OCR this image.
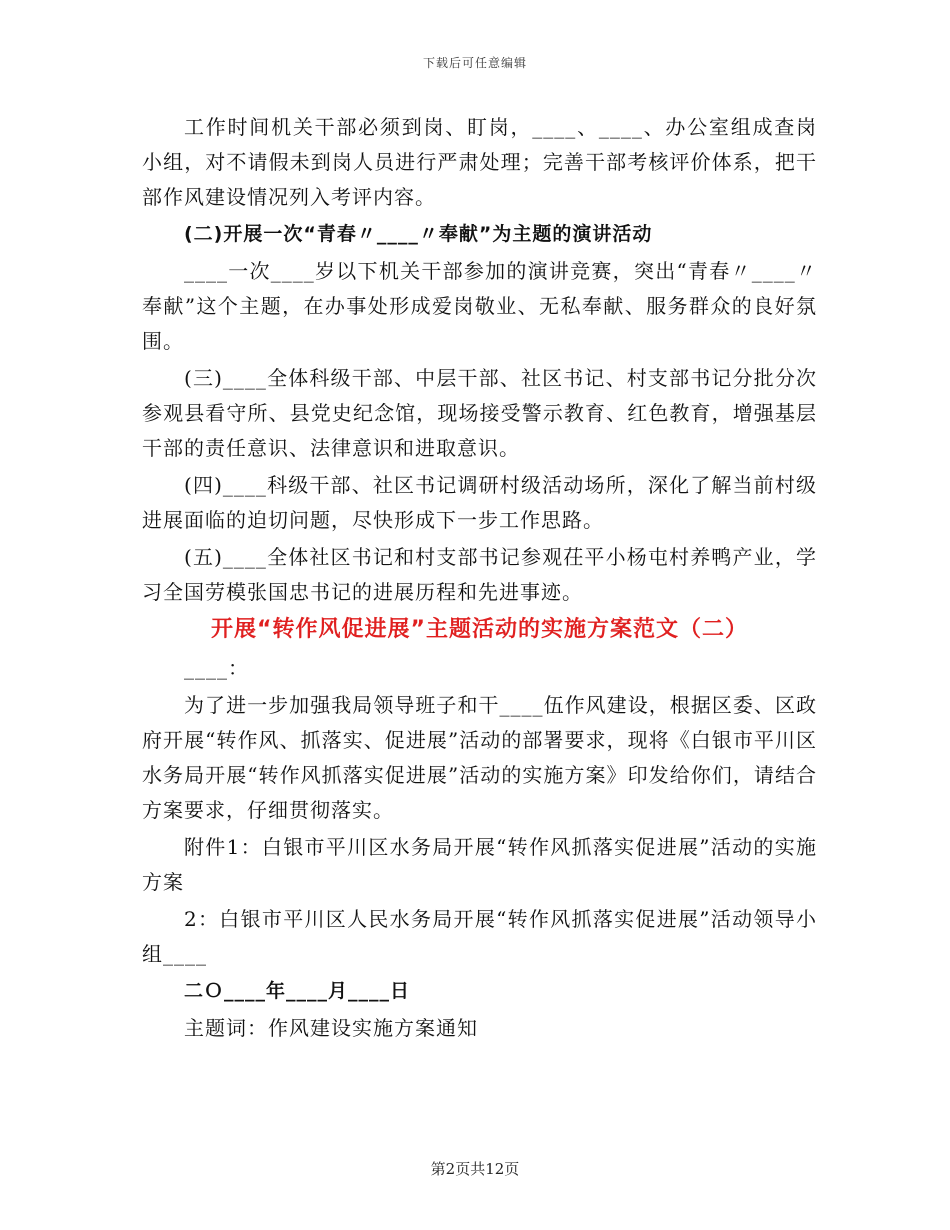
下载后可任意编辑

工作时间机关干部必须到岗、盯岗，____、____、办公室组成查岗小组，对不请假未到岗人员进行严肃处理；完善干部考核评价体系，把干部作风建设情况列入考评内容。

(二)开展一次“青春〃____〃奉献”为主题的演讲活动

____一次____岁以下机关干部参加的演讲竞赛，突出“青春〃____〃奉献”这个主题，在办事处形成爱岗敬业、无私奉献、服务群众的良好氛围。

(三)____全体科级干部、中层干部、社区书记、村支部书记分批分次参观县看守所、县党史纪念馆，现场接受警示教育、红色教育，增强基层干部的责任意识、法律意识和进取意识。

(四)____科级干部、社区书记调研村级活动场所，深化了解当前村级进展面临的迫切问题，尽快形成下一步工作思路。

(五)____全体社区书记和村支部书记参观茌平小杨屯村养鸭产业，学习全国劳模张国忠书记的进展历程和先进事迹。

开展“转作风促进展”主题活动的实施方案范文（二）

____：

为了进一步加强我局领导班子和干____伍作风建设，根据区委、区政府开展“转作风、抓落实、促进展”活动的部署要求，现将《白银市平川区水务局开展“转作风抓落实促进展”活动的实施方案》印发给你们，请结合方案要求，仔细贯彻落实。

附件1：白银市平川区水务局开展“转作风抓落实促进展”活动的实施方案

2：白银市平川区人民水务局开展“转作风抓落实促进展”活动领导小组____

二Ｏ____年____月____日

主题词：作风建设实施方案通知

第2页共12页
